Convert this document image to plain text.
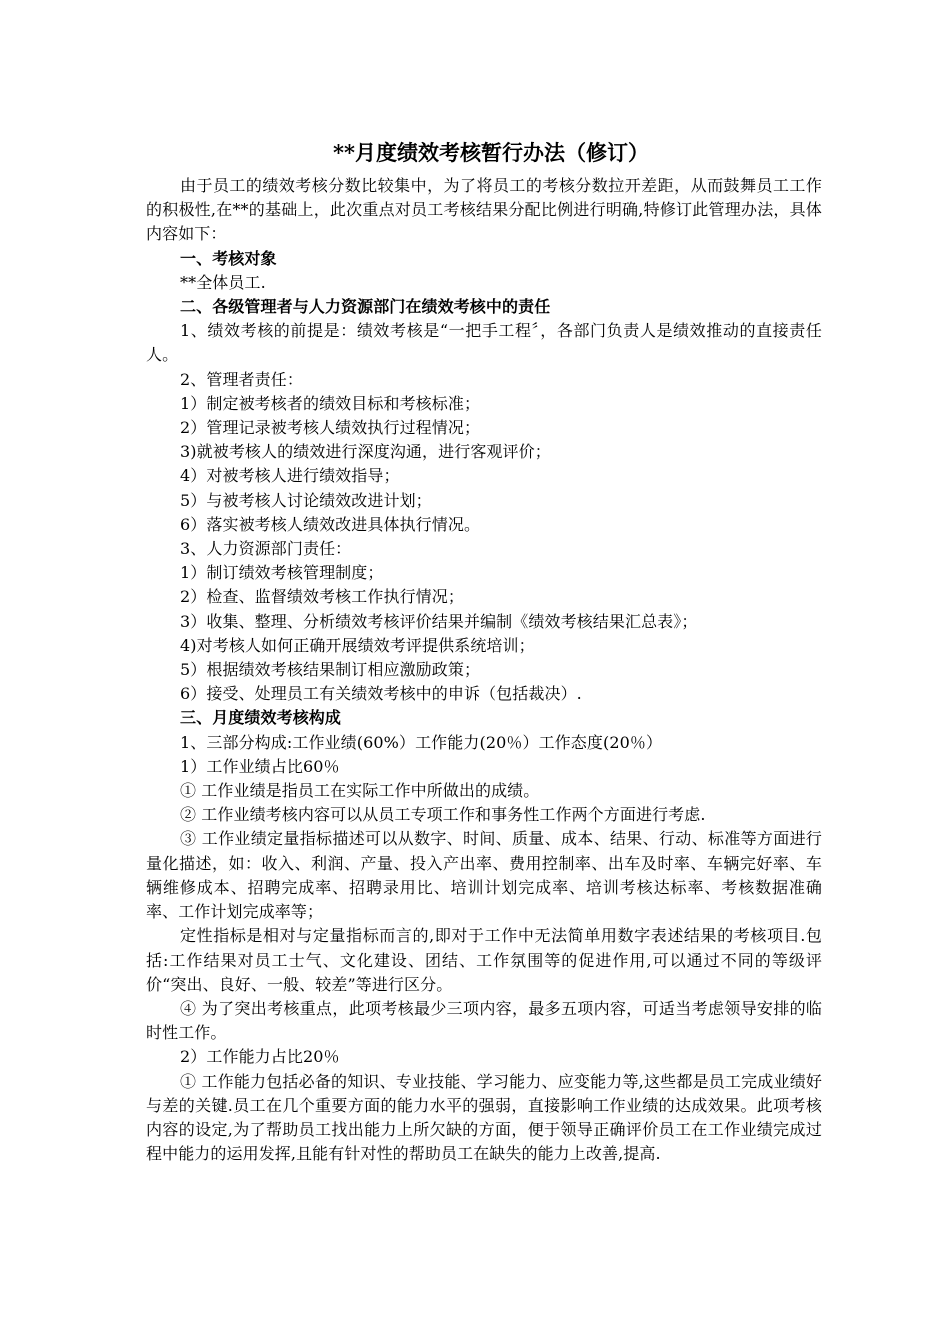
**月度绩效考核暂行办法（修订）

由于员工的绩效考核分数比较集中，为了将员工的考核分数拉开差距，从而鼓舞员工工作的积极性,在**的基础上，此次重点对员工考核结果分配比例进行明确,特修订此管理办法，具体内容如下：

一、考核对象

**全体员工.

二、各级管理者与人力资源部门在绩效考核中的责任

1、绩效考核的前提是：绩效考核是“一把手工程〞，各部门负责人是绩效推动的直接责任人。

2、管理者责任：

1）制定被考核者的绩效目标和考核标准；

2）管理记录被考核人绩效执行过程情况；

3)就被考核人的绩效进行深度沟通，进行客观评价；

4）对被考核人进行绩效指导；

5）与被考核人讨论绩效改进计划；

6）落实被考核人绩效改进具体执行情况。

3、人力资源部门责任：

1）制订绩效考核管理制度；

2）检查、监督绩效考核工作执行情况；

3）收集、整理、分析绩效考核评价结果并编制《绩效考核结果汇总表》；

4)对考核人如何正确开展绩效考评提供系统培训；

5）根据绩效考核结果制订相应激励政策；

6）接受、处理员工有关绩效考核中的申诉（包括裁决）.

三、月度绩效考核构成

1、三部分构成:工作业绩(60%）工作能力(20％）工作态度(20％）

1）工作业绩占比60％

① 工作业绩是指员工在实际工作中所做出的成绩。

② 工作业绩考核内容可以从员工专项工作和事务性工作两个方面进行考虑.

③ 工作业绩定量指标描述可以从数字、时间、质量、成本、结果、行动、标准等方面进行量化描述，如：收入、利润、产量、投入产出率、费用控制率、出车及时率、车辆完好率、车辆维修成本、招聘完成率、招聘录用比、培训计划完成率、培训考核达标率、考核数据准确率、工作计划完成率等；

定性指标是相对与定量指标而言的,即对于工作中无法简单用数字表述结果的考核项目.包括:工作结果对员工士气、文化建设、团结、工作氛围等的促进作用,可以通过不同的等级评价“突出、良好、一般、较差”等进行区分。

④ 为了突出考核重点，此项考核最少三项内容，最多五项内容，可适当考虑领导安排的临时性工作。

2）工作能力占比20％

① 工作能力包括必备的知识、专业技能、学习能力、应变能力等,这些都是员工完成业绩好与差的关键.员工在几个重要方面的能力水平的强弱，直接影响工作业绩的达成效果。此项考核内容的设定,为了帮助员工找出能力上所欠缺的方面，便于领导正确评价员工在工作业绩完成过程中能力的运用发挥,且能有针对性的帮助员工在缺失的能力上改善,提高.
